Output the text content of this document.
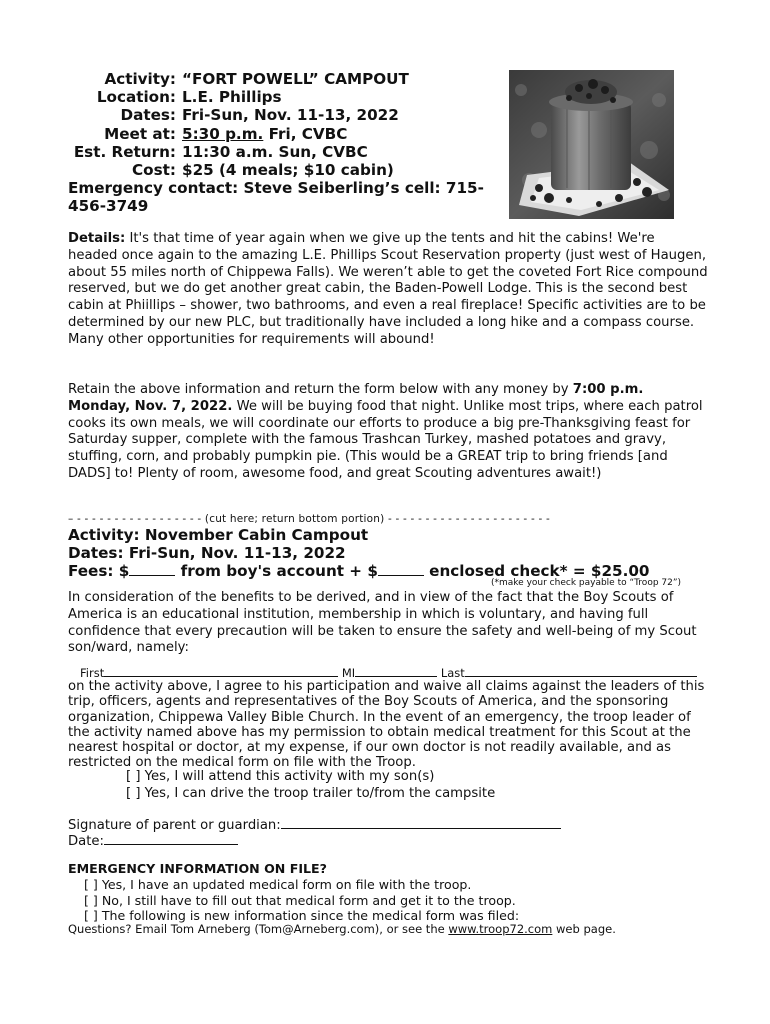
Activity: “FORT POWELL” CAMPOUT
Location: L.E. Phillips
Dates: Fri-Sun, Nov. 11-13, 2022
Meet at: 5:30 p.m. Fri, CVBC
Est. Return: 11:30 a.m. Sun, CVBC
Cost: $25 (4 meals; $10 cabin)
Emergency contact: Steve Seiberling’s cell: 715-456-3749
Details: It's that time of year again when we give up the tents and hit the cabins! We're headed once again to the amazing L.E. Phillips Scout Reservation property (just west of Haugen, about 55 miles north of Chippewa Falls). We weren’t able to get the coveted Fort Rice compound reserved, but we do get another great cabin, the Baden-Powell Lodge. This is the second best cabin at Phiillips – shower, two bathrooms, and even a real fireplace! Specific activities are to be determined by our new PLC, but traditionally have included a long hike and a compass course. Many other opportunities for requirements will abound!
Retain the above information and return the form below with any money by 7:00 p.m. Monday, Nov. 7, 2022. We will be buying food that night. Unlike most trips, where each patrol cooks its own meals, we will coordinate our efforts to produce a big pre-Thanksgiving feast for Saturday supper, complete with the famous Trashcan Turkey, mashed potatoes and gravy, stuffing, corn, and probably pumpkin pie. (This would be a GREAT trip to bring friends [and DADS] to! Plenty of room, awesome food, and great Scouting adventures await!)
– - - - - - - - - - - - - - - - - - (cut here; return bottom portion) - - - - - - - - - - - - - - - - - - - - - -
Activity: November Cabin Campout
Dates: Fri-Sun, Nov. 11-13, 2022
Fees: $	from boy's account + $	enclosed check* = $25.00
(*make your check payable to “Troop 72”)
In consideration of the benefits to be derived, and in view of the fact that the Boy Scouts of America is an educational institution, membership in which is voluntary, and having full confidence that every precaution will be taken to ensure the safety and well-being of my Scout son/ward, namely:
First	MI	Last
on the activity above, I agree to his participation and waive all claims against the leaders of this trip, officers, agents and representatives of the Boy Scouts of America, and the sponsoring organization, Chippewa Valley Bible Church. In the event of an emergency, the troop leader of the activity named above has my permission to obtain medical treatment for this Scout at the nearest hospital or doctor, at my expense, if our own doctor is not readily available, and as restricted on the medical form on file with the Troop.
[ ] Yes, I will attend this activity with my son(s)
[ ] Yes, I can drive the troop trailer to/from the campsite
Signature of parent or guardian:
Date:
EMERGENCY INFORMATION ON FILE?
[ ] Yes, I have an updated medical form on file with the troop.
[ ] No, I still have to fill out that medical form and get it to the troop.
[ ] The following is new information since the medical form was filed:
Questions? Email Tom Arneberg (Tom@Arneberg.com), or see the www.troop72.com web page.
